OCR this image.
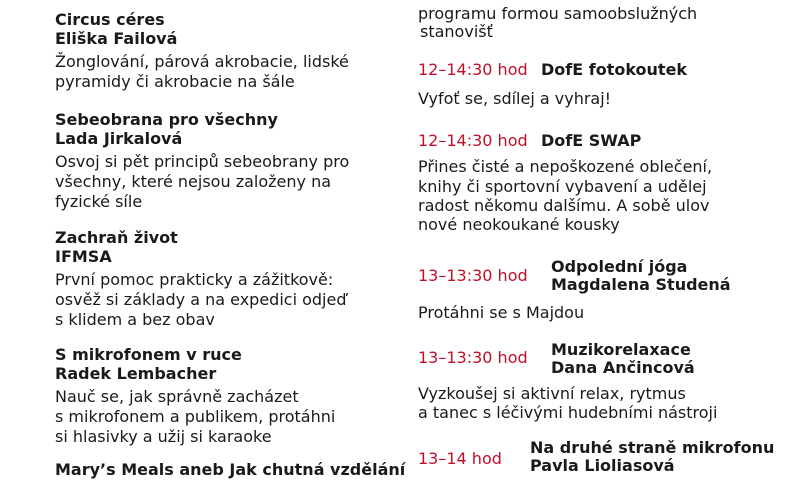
Circus céres
Eliška Failová
Žonglování, párová akrobacie, lidské
pyramidy či akrobacie na šále
Sebeobrana pro všechny
Lada Jirkalová
Osvoj si pět principů sebeobrany pro
všechny, které nejsou založeny na
fyzické síle
Zachraň život
IFMSA
První pomoc prakticky a zážitkově:
osvěž si základy a na expedici odjeď
s klidem a bez obav
S mikrofonem v ruce
Radek Lembacher
Nauč se, jak správně zacházet
s mikrofonem a publikem, protáhni
si hlasivky a užij si karaoke
Mary’s Meals aneb Jak chutná vzdělání
programu formou samoobslužných
stanovišť
12–14:30 hod DofE fotokoutek
Vyfoť se, sdílej a vyhraj!
12–14:30 hod DofE SWAP
Přines čisté a nepoškozené oblečení,
knihy či sportovní vybavení a udělej
radost někomu dalšímu. A sobě ulov
nové neokoukané kousky
13–13:30 hod Odpolední jóga
Magdalena Studená
Protáhni se s Majdou
13–13:30 hod Muzikorelaxace
Dana Ančincová
Vyzkoušej si aktivní relax, rytmus
a tanec s léčivými hudebními nástroji
13–14 hod
Na druhé straně mikrofonu
Pavla Lioliasová
